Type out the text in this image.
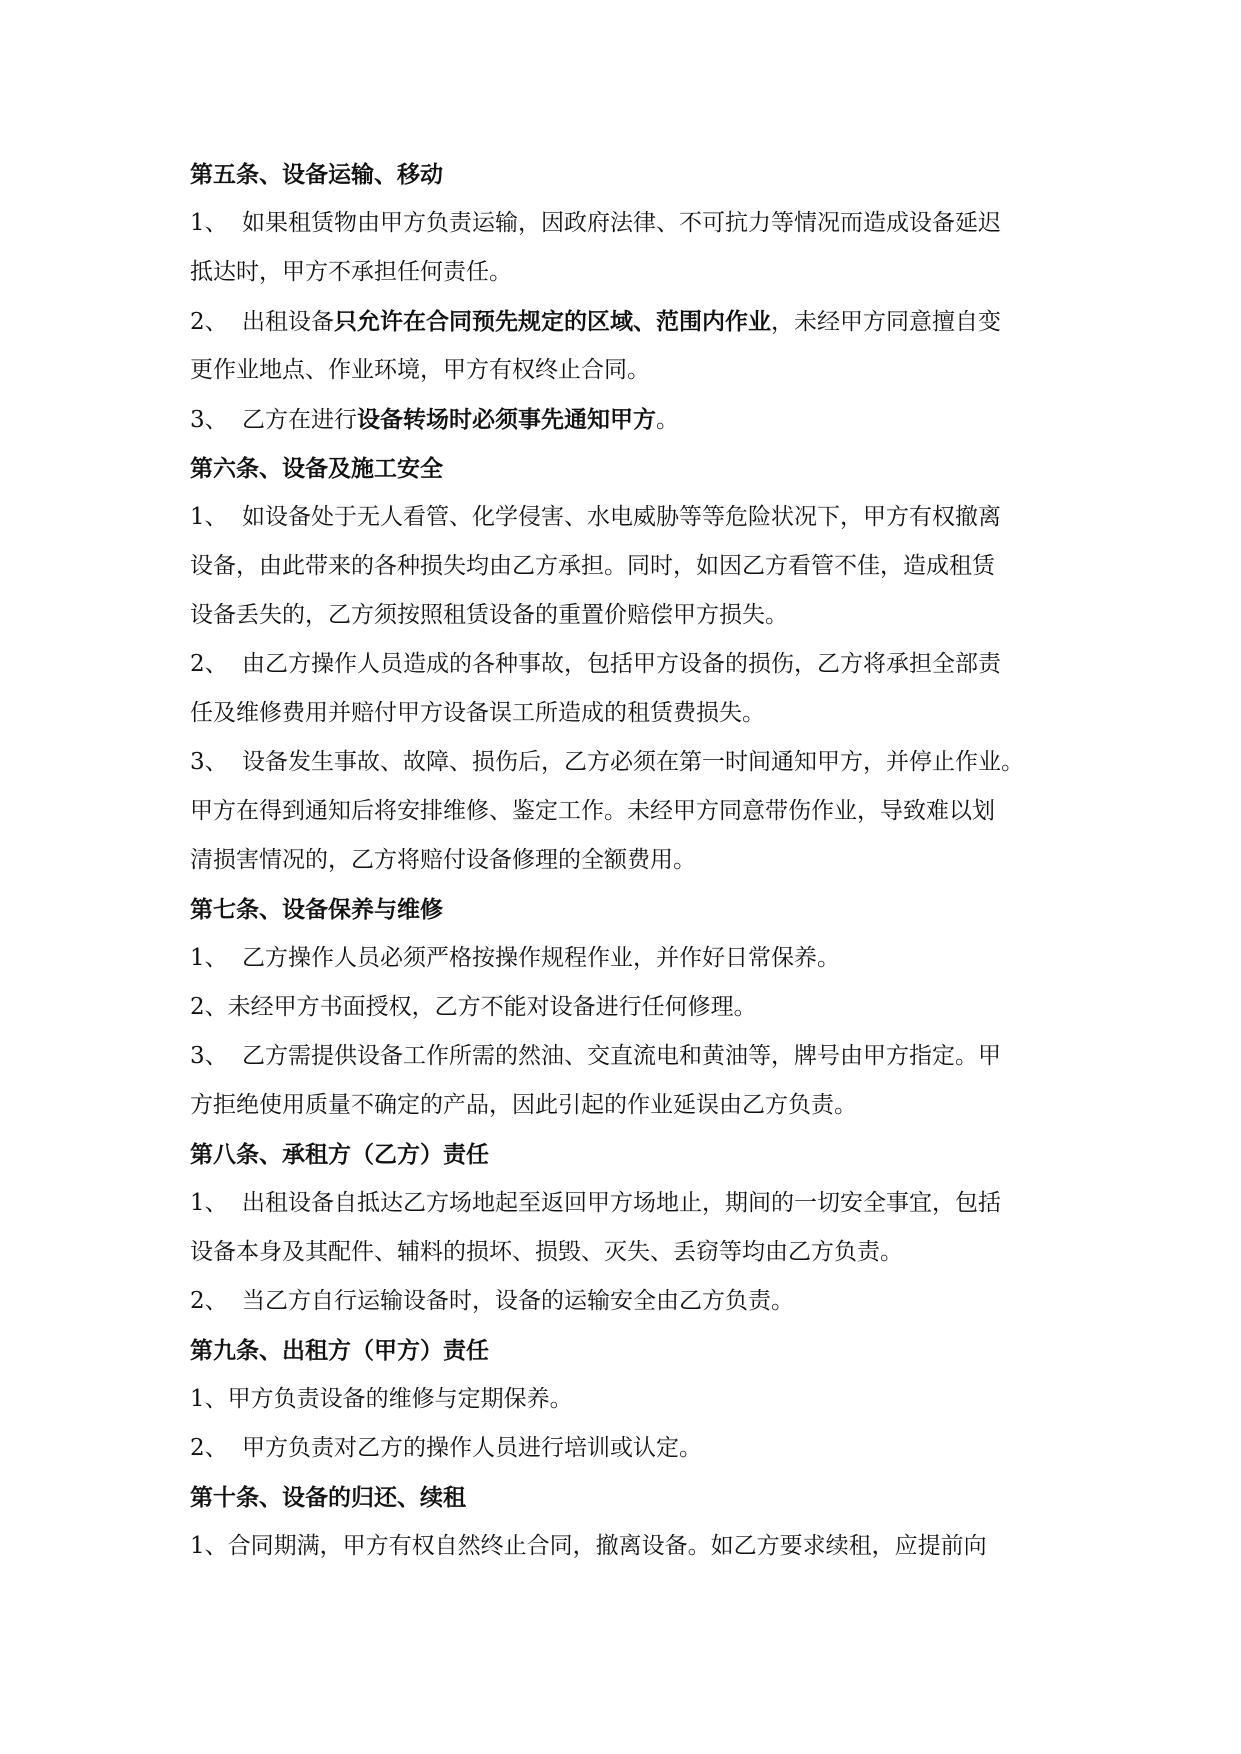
第五条、设备运输、移动
1、 如果租赁物由甲方负责运输，因政府法律、不可抗力等情况而造成设备延迟
抵达时，甲方不承担任何责任。
2、 出租设备只允许在合同预先规定的区域、范围内作业，未经甲方同意擅自变
更作业地点、作业环境，甲方有权终止合同。
3、 乙方在进行设备转场时必须事先通知甲方。
第六条、设备及施工安全
1、 如设备处于无人看管、化学侵害、水电威胁等等危险状况下，甲方有权撤离
设备，由此带来的各种损失均由乙方承担。同时，如因乙方看管不佳，造成租赁
设备丢失的，乙方须按照租赁设备的重置价赔偿甲方损失。
2、 由乙方操作人员造成的各种事故，包括甲方设备的损伤，乙方将承担全部责
任及维修费用并赔付甲方设备误工所造成的租赁费损失。
3、 设备发生事故、故障、损伤后，乙方必须在第一时间通知甲方，并停止作业。
甲方在得到通知后将安排维修、鉴定工作。未经甲方同意带伤作业，导致难以划
清损害情况的，乙方将赔付设备修理的全额费用。
第七条、设备保养与维修
1、 乙方操作人员必须严格按操作规程作业，并作好日常保养。
2、未经甲方书面授权，乙方不能对设备进行任何修理。
3、 乙方需提供设备工作所需的然油、交直流电和黄油等，牌号由甲方指定。甲
方拒绝使用质量不确定的产品，因此引起的作业延误由乙方负责。
第八条、承租方（乙方）责任
1、 出租设备自抵达乙方场地起至返回甲方场地止，期间的一切安全事宜，包括
设备本身及其配件、辅料的损坏、损毁、灭失、丢窃等均由乙方负责。
2、 当乙方自行运输设备时，设备的运输安全由乙方负责。
第九条、出租方（甲方）责任
1、甲方负责设备的维修与定期保养。
2、 甲方负责对乙方的操作人员进行培训或认定。
第十条、设备的归还、续租
1、合同期满，甲方有权自然终止合同，撤离设备。如乙方要求续租，应提前向
